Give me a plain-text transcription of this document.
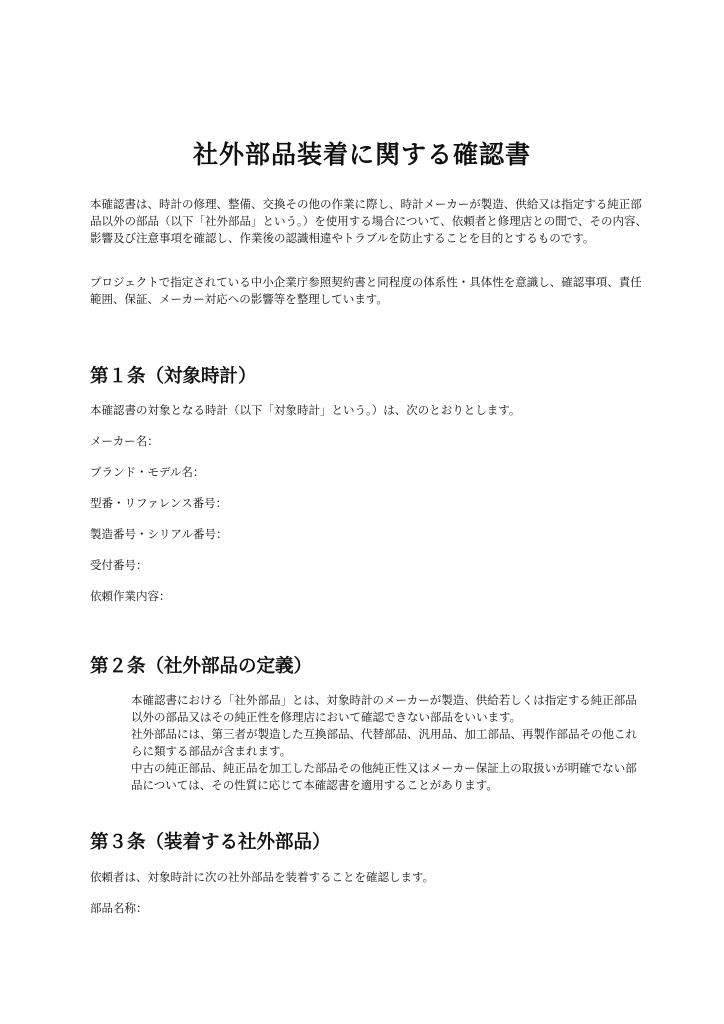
社外部品装着に関する確認書

本確認書は、時計の修理、整備、交換その他の作業に際し、時計メーカーが製造、供給又は指定する純正部品以外の部品（以下「社外部品」という。）を使用する場合について、依頼者と修理店との間で、その内容、影響及び注意事項を確認し、作業後の認識相違やトラブルを防止することを目的とするものです。

プロジェクトで指定されている中小企業庁参照契約書と同程度の体系性・具体性を意識し、確認事項、責任範囲、保証、メーカー対応への影響等を整理しています。

第１条（対象時計）

本確認書の対象となる時計（以下「対象時計」という。）は、次のとおりとします。

メーカー名：

ブランド・モデル名：

型番・リファレンス番号：

製造番号・シリアル番号：

受付番号：

依頼作業内容：

第２条（社外部品の定義）

本確認書における「社外部品」とは、対象時計のメーカーが製造、供給若しくは指定する純正部品以外の部品又はその純正性を修理店において確認できない部品をいいます。

社外部品には、第三者が製造した互換部品、代替部品、汎用品、加工部品、再製作部品その他これらに類する部品が含まれます。

中古の純正部品、純正品を加工した部品その他純正性又はメーカー保証上の取扱いが明確でない部品については、その性質に応じて本確認書を適用することがあります。

第３条（装着する社外部品）

依頼者は、対象時計に次の社外部品を装着することを確認します。

部品名称：
